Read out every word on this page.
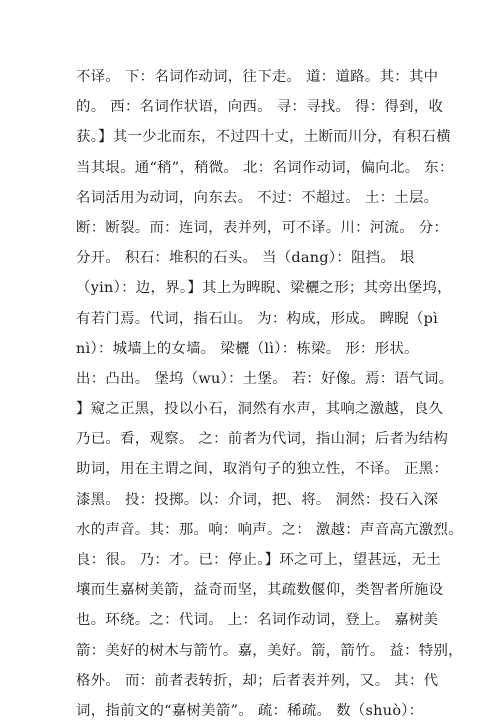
不译。 下：名词作动词，往下走。 道：道路。其：其中
的。 西：名词作状语，向西。 寻：寻找。 得：得到，收
获。】其一少北而东，不过四十丈，土断而川分，有积石横
当其垠。通“稍”，稍微。 北：名词作动词，偏向北。 东：
名词活用为动词，向东去。 不过：不超过。 土：土层。
断：断裂。而：连词，表并列，可不译。川：河流。 分：
分开。 积石：堆积的石头。 当（dang）：阻挡。 垠
（yin）：边，界。】其上为睥睨、梁欐之形；其旁出堡坞，
有若门焉。代词，指石山。 为：构成，形成。 睥睨（pì
nì）：城墙上的女墙。 梁欐（lì）：栋梁。 形：形状。
出：凸出。 堡坞（wu）：土堡。 若：好像。焉：语气词。
】窥之正黑，投以小石，洞然有水声，其响之激越，良久
乃已。看，观察。 之：前者为代词，指山洞；后者为结构
助词，用在主谓之间，取消句子的独立性，不译。 正黑：
漆黑。 投：投掷。以：介词，把、将。 洞然：投石入深
水的声音。其：那。响：响声。之： 激越：声音高亢激烈。
良：很。 乃：才。已：停止。】环之可上，望甚远，无土
壤而生嘉树美箭，益奇而坚，其疏数偃仰，类智者所施设
也。环绕。之：代词。 上：名词作动词，登上。 嘉树美
箭：美好的树木与箭竹。嘉，美好。箭，箭竹。 益：特别，
格外。 而：前者表转折，却；后者表并列，又。 其：代
词，指前文的“嘉树美箭”。 疏：稀疏。 数（shuò）：
